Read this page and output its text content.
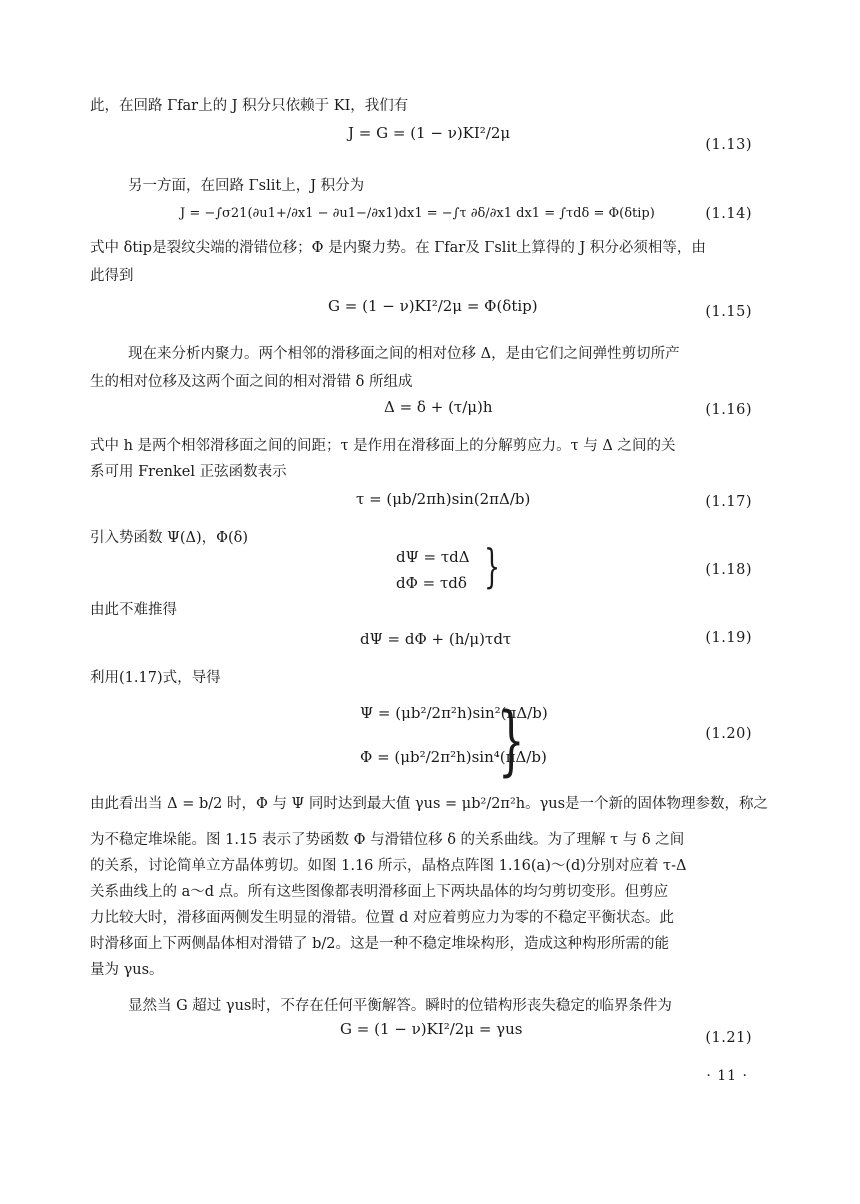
此，在回路 Γfar上的 J 积分只依赖于 KⅠ，我们有
J = G = (1 − ν)KⅠ²/2μ
(1.13)
另一方面，在回路 Γslit上，J 积分为
J = −∫σ21(∂u1+/∂x1 − ∂u1−/∂x1)dx1 = −∫τ ∂δ/∂x1 dx1 = ∫τdδ = Φ(δtip)	(1.14)
式中 δtip是裂纹尖端的滑错位移；Φ 是内聚力势。在 Γfar及 Γslit上算得的 J 积分必须相等，由
此得到
G = (1 − ν)KⅠ²/2μ = Φ(δtip)	(1.15)
现在来分析内聚力。两个相邻的滑移面之间的相对位移 Δ，是由它们之间弹性剪切所产
生的相对位移及这两个面之间的相对滑错 δ 所组成
Δ = δ + (τ/μ)h	(1.16)
式中 h 是两个相邻滑移面之间的间距；τ 是作用在滑移面上的分解剪应力。τ 与 Δ 之间的关
系可用 Frenkel 正弦函数表示
τ = (μb/2πh)sin(2πΔ/b)	(1.17)
引入势函数 Ψ(Δ)，Φ(δ)
dΨ = τdΔ
dΦ = τdδ }	(1.18)
由此不难推得
dΨ = dΦ + (h/μ)τdτ	(1.19)
利用(1.17)式，导得
Ψ = (μb²/2π²h)sin²(πΔ/b)
Φ = (μb²/2π²h)sin⁴(πΔ/b)
}	(1.20)
由此看出当 Δ = b/2 时，Φ 与 Ψ 同时达到最大值 γus = μb²/2π²h。γus是一个新的固体物理参数，称之
为不稳定堆垛能。图 1.15 表示了势函数 Φ 与滑错位移 δ 的关系曲线。为了理解 τ 与 δ 之间
的关系，讨论简单立方晶体剪切。如图 1.16 所示，晶格点阵图 1.16(a)～(d)分别对应着 τ-Δ
关系曲线上的 a～d 点。所有这些图像都表明滑移面上下两块晶体的均匀剪切变形。但剪应
力比较大时，滑移面两侧发生明显的滑错。位置 d 对应着剪应力为零的不稳定平衡状态。此
时滑移面上下两侧晶体相对滑错了 b/2。这是一种不稳定堆垛构形，造成这种构形所需的能
量为 γus。
显然当 G 超过 γus时，不存在任何平衡解答。瞬时的位错构形丧失稳定的临界条件为
G = (1 − ν)KⅠ²/2μ = γus	(1.21)
· 11 ·
